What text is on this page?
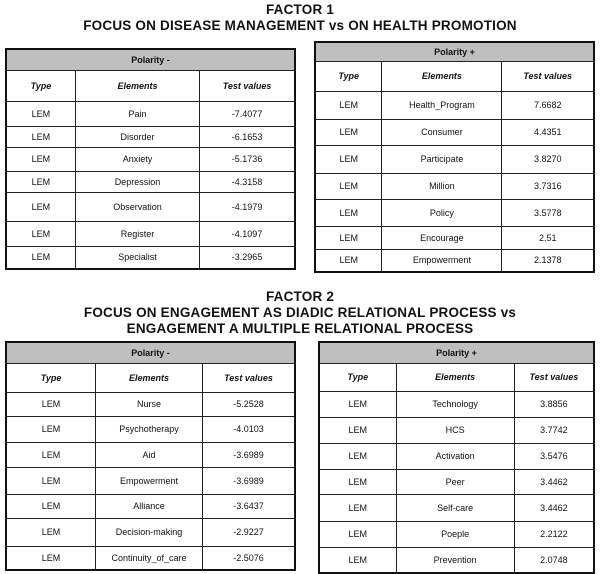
FACTOR 1
FOCUS ON DISEASE MANAGEMENT vs ON HEALTH PROMOTION
Polarity -		
Type	Elements	Test values
LEM	Pain	-7.4077
LEM	Disorder	-6.1653
LEM	Anxiety	-5.1736
LEM	Depression	-4.3158
LEM	Observation	-4.1979
LEM	Register	-4.1097
LEM	Specialist	-3.2965
Polarity +		
Type	Elements	Test values
LEM	Health_Program	7.6682
LEM	Consumer	4.4351
LEM	Participate	3.8270
LEM	Million	3.7316
LEM	Policy	3.5778
LEM	Encourage	2.51
LEM	Empowerment	2.1378
FACTOR 2
FOCUS ON ENGAGEMENT AS DIADIC RELATIONAL PROCESS vs
ENGAGEMENT A MULTIPLE RELATIONAL PROCESS
Polarity -		
Type	Elements	Test values
LEM	Nurse	-5.2528
LEM	Psychotherapy	-4.0103
LEM	Aid	-3.6989
LEM	Empowerment	-3.6989
LEM	Alliance	-3.6437
LEM	Decision-making	-2.9227
LEM	Continuity_of_care	-2.5076
Polarity +		
Type	Elements	Test values
LEM	Technology	3.8856
LEM	HCS	3.7742
LEM	Activation	3.5476
LEM	Peer	3.4462
LEM	Self-care	3.4462
LEM	Poeple	2.2122
LEM	Prevention	2.0748
